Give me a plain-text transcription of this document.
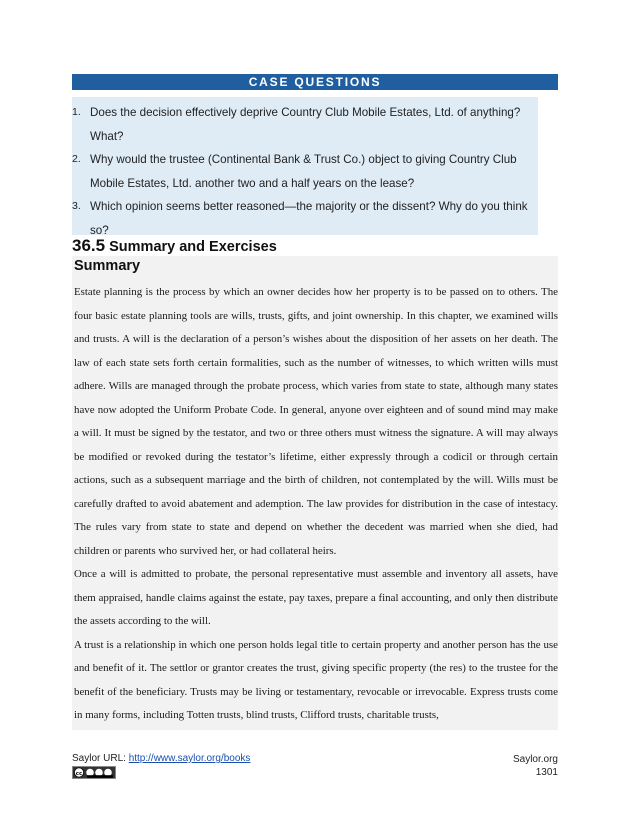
CASE QUESTIONS
1. Does the decision effectively deprive Country Club Mobile Estates, Ltd. of anything? What?
2. Why would the trustee (Continental Bank & Trust Co.) object to giving Country Club Mobile Estates, Ltd. another two and a half years on the lease?
3. Which opinion seems better reasoned—the majority or the dissent? Why do you think so?
36.5 Summary and Exercises
Summary

Estate planning is the process by which an owner decides how her property is to be passed on to others. The four basic estate planning tools are wills, trusts, gifts, and joint ownership. In this chapter, we examined wills and trusts. A will is the declaration of a person’s wishes about the disposition of her assets on her death. The law of each state sets forth certain formalities, such as the number of witnesses, to which written wills must adhere. Wills are managed through the probate process, which varies from state to state, although many states have now adopted the Uniform Probate Code. In general, anyone over eighteen and of sound mind may make a will. It must be signed by the testator, and two or three others must witness the signature. A will may always be modified or revoked during the testator’s lifetime, either expressly through a codicil or through certain actions, such as a subsequent marriage and the birth of children, not contemplated by the will. Wills must be carefully drafted to avoid abatement and ademption. The law provides for distribution in the case of intestacy. The rules vary from state to state and depend on whether the decedent was married when she died, had children or parents who survived her, or had collateral heirs.

Once a will is admitted to probate, the personal representative must assemble and inventory all assets, have them appraised, handle claims against the estate, pay taxes, prepare a final accounting, and only then distribute the assets according to the will.

A trust is a relationship in which one person holds legal title to certain property and another person has the use and benefit of it. The settlor or grantor creates the trust, giving specific property (the res) to the trustee for the benefit of the beneficiary. Trusts may be living or testamentary, revocable or irrevocable. Express trusts come in many forms, including Totten trusts, blind trusts, Clifford trusts, charitable trusts,

Saylor URL: http://www.saylor.org/books
cc
Saylor.org
1301
